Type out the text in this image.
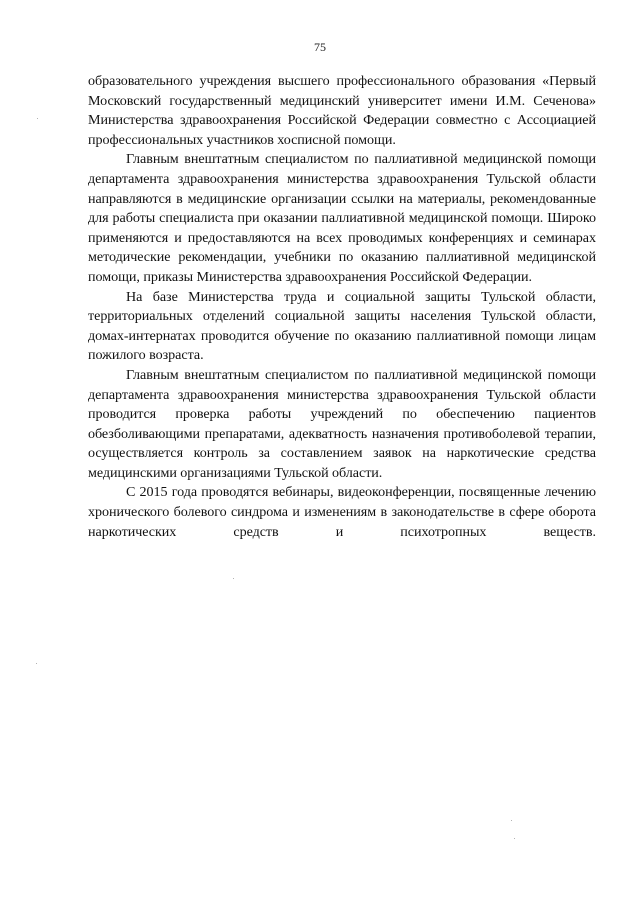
75

образовательного учреждения высшего профессионального образования «Первый Московский государственный медицинский университет имени И.М. Сеченова» Министерства здравоохранения Российской Федерации совместно с Ассоциацией профессиональных участников хосписной помощи.

Главным внештатным специалистом по паллиативной медицинской помощи департамента здравоохранения министерства здравоохранения Тульской области направляются в медицинские организации ссылки на материалы, рекомендованные для работы специалиста при оказании паллиативной медицинской помощи. Широко применяются и предоставляются на всех проводимых конференциях и семинарах методические рекомендации, учебники по оказанию паллиативной медицинской помощи, приказы Министерства здравоохранения Российской Федерации.

На базе Министерства труда и социальной защиты Тульской области, территориальных отделений социальной защиты населения Тульской области, домах-интернатах проводится обучение по оказанию паллиативной помощи лицам пожилого возраста.

Главным внештатным специалистом по паллиативной медицинской помощи департамента здравоохранения министерства здравоохранения Тульской области проводится проверка работы учреждений по обеспечению пациентов обезболивающими препаратами, адекватность назначения противоболевой терапии, осуществляется контроль за составлением заявок на наркотические средства медицинскими организациями Тульской области.

С 2015 года проводятся вебинары, видеоконференции, посвященные лечению хронического болевого синдрома и изменениям в законодательстве в сфере оборота наркотических средств и психотропных веществ.
